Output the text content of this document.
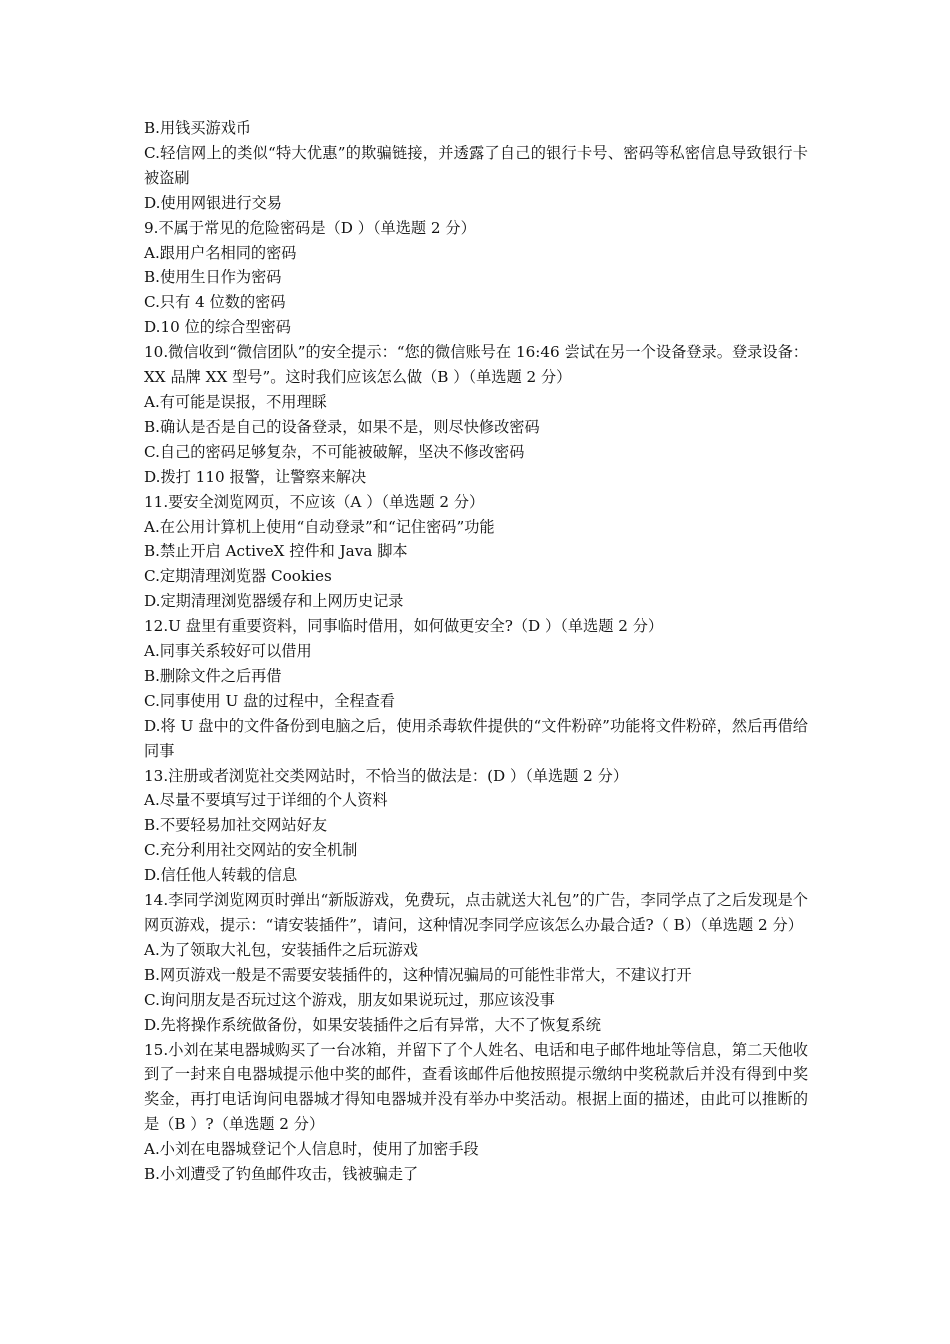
B.用钱买游戏币

C.轻信网上的类似“特大优惠”的欺骗链接，并透露了自己的银行卡号、密码等私密信息导致银行卡被盗刷

D.使用网银进行交易

9.不属于常见的危险密码是（D ）（单选题 2 分）

A.跟用户名相同的密码

B.使用生日作为密码

C.只有 4 位数的密码

D.10 位的综合型密码

10.微信收到“微信团队”的安全提示：“您的微信账号在 16:46 尝试在另一个设备登录。登录设备：XX 品牌 XX 型号”。这时我们应该怎么做（B ）（单选题 2 分）

A.有可能是误报，不用理睬

B.确认是否是自己的设备登录，如果不是，则尽快修改密码

C.自己的密码足够复杂，不可能被破解，坚决不修改密码

D.拨打 110 报警，让警察来解决

11.要安全浏览网页，不应该（A ）（单选题 2 分）

A.在公用计算机上使用“自动登录”和“记住密码”功能

B.禁止开启 ActiveX 控件和 Java 脚本

C.定期清理浏览器 Cookies

D.定期清理浏览器缓存和上网历史记录

12.U 盘里有重要资料，同事临时借用，如何做更安全?（D ）（单选题 2 分）

A.同事关系较好可以借用

B.删除文件之后再借

C.同事使用 U 盘的过程中，全程查看

D.将 U 盘中的文件备份到电脑之后，使用杀毒软件提供的“文件粉碎”功能将文件粉碎，然后再借给同事

13.注册或者浏览社交类网站时，不恰当的做法是：(D ）（单选题 2 分）

A.尽量不要填写过于详细的个人资料

B.不要轻易加社交网站好友

C.充分利用社交网站的安全机制

D.信任他人转载的信息

14.李同学浏览网页时弹出“新版游戏，免费玩，点击就送大礼包”的广告，李同学点了之后发现是个网页游戏，提示：“请安装插件”，请问，这种情况李同学应该怎么办最合适?（ B）（单选题 2 分）

A.为了领取大礼包，安装插件之后玩游戏

B.网页游戏一般是不需要安装插件的，这种情况骗局的可能性非常大，不建议打开

C.询问朋友是否玩过这个游戏，朋友如果说玩过，那应该没事

D.先将操作系统做备份，如果安装插件之后有异常，大不了恢复系统

15.小刘在某电器城购买了一台冰箱，并留下了个人姓名、电话和电子邮件地址等信息，第二天他收到了一封来自电器城提示他中奖的邮件，查看该邮件后他按照提示缴纳中奖税款后并没有得到中奖奖金，再打电话询问电器城才得知电器城并没有举办中奖活动。根据上面的描述，由此可以推断的是（B ）?（单选题 2 分）

A.小刘在电器城登记个人信息时，使用了加密手段

B.小刘遭受了钓鱼邮件攻击，钱被骗走了
